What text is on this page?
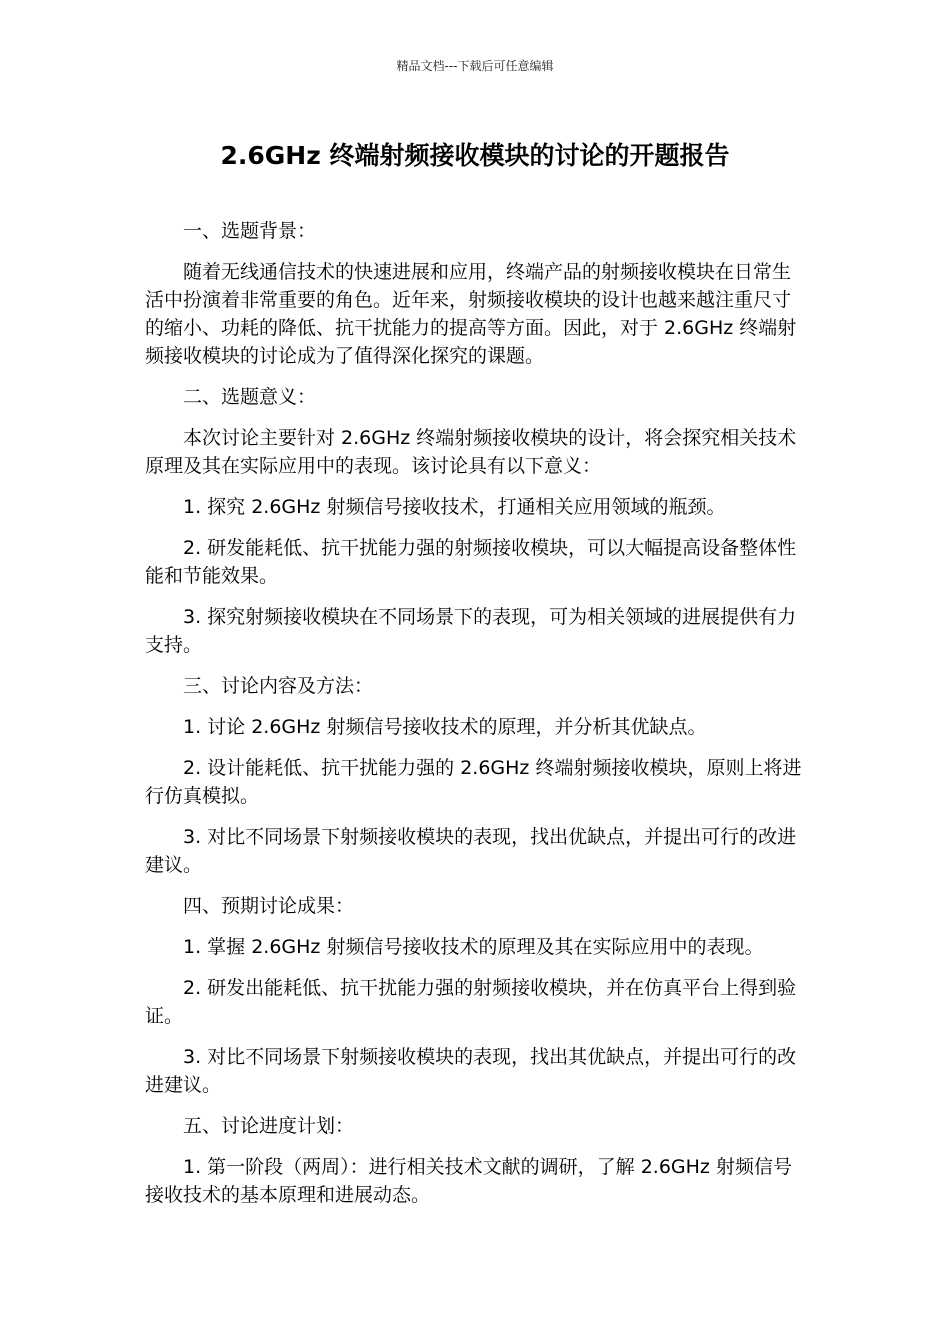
精品文档---下载后可任意编辑
2.6GHz 终端射频接收模块的讨论的开题报告

一、选题背景：

随着无线通信技术的快速进展和应用，终端产品的射频接收模块在日常生活中扮演着非常重要的角色。近年来，射频接收模块的设计也越来越注重尺寸的缩小、功耗的降低、抗干扰能力的提高等方面。因此，对于 2.6GHz 终端射频接收模块的讨论成为了值得深化探究的课题。

二、选题意义：

本次讨论主要针对 2.6GHz 终端射频接收模块的设计，将会探究相关技术原理及其在实际应用中的表现。该讨论具有以下意义：

1. 探究 2.6GHz 射频信号接收技术，打通相关应用领域的瓶颈。

2. 研发能耗低、抗干扰能力强的射频接收模块，可以大幅提高设备整体性能和节能效果。

3. 探究射频接收模块在不同场景下的表现，可为相关领域的进展提供有力支持。

三、讨论内容及方法：

1. 讨论 2.6GHz 射频信号接收技术的原理，并分析其优缺点。

2. 设计能耗低、抗干扰能力强的 2.6GHz 终端射频接收模块，原则上将进行仿真模拟。

3. 对比不同场景下射频接收模块的表现，找出优缺点，并提出可行的改进建议。

四、预期讨论成果：

1. 掌握 2.6GHz 射频信号接收技术的原理及其在实际应用中的表现。

2. 研发出能耗低、抗干扰能力强的射频接收模块，并在仿真平台上得到验证。

3. 对比不同场景下射频接收模块的表现，找出其优缺点，并提出可行的改进建议。

五、讨论进度计划：

1. 第一阶段（两周）：进行相关技术文献的调研，了解 2.6GHz 射频信号接收技术的基本原理和进展动态。
